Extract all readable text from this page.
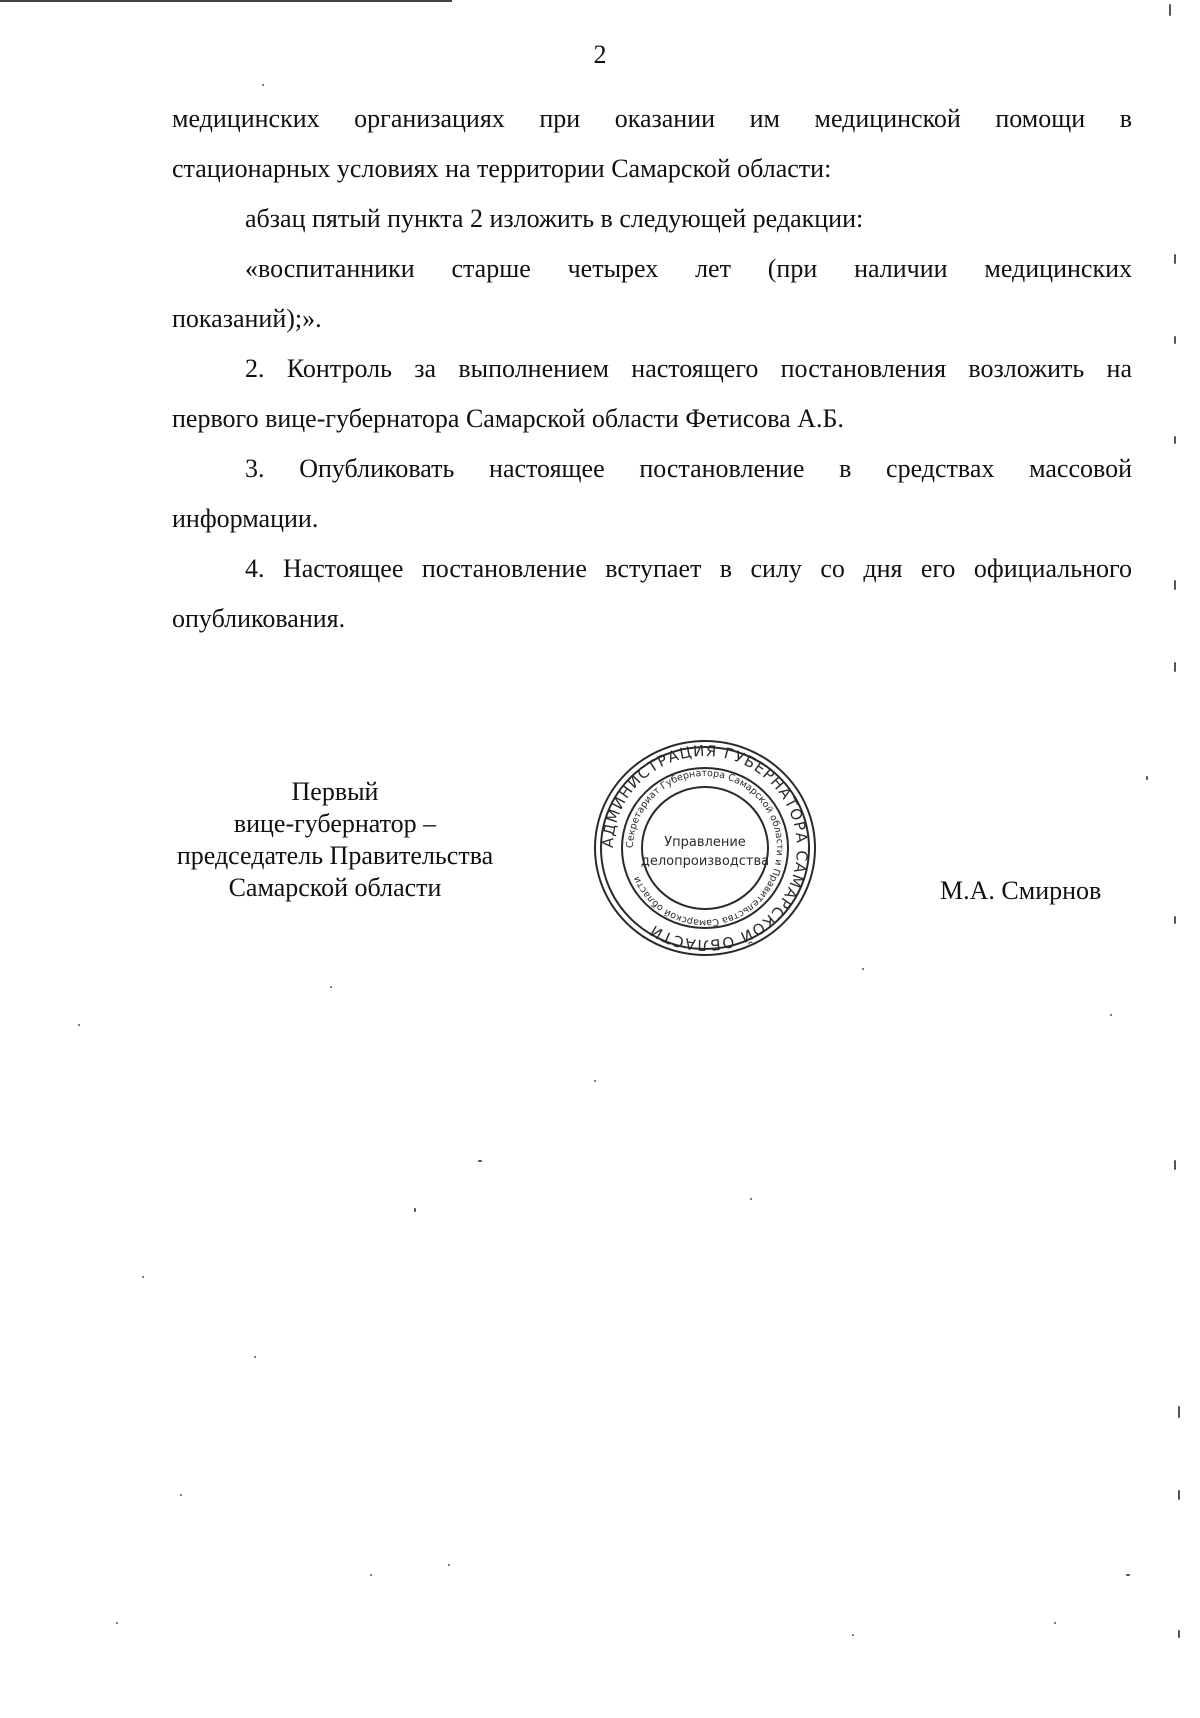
2
медицинских организациях при оказании им медицинской помощи в
стационарных условиях на территории Самарской области:
абзац пятый пункта 2 изложить в следующей редакции:
«воспитанники старше четырех лет (при наличии медицинских
показаний);».
2. Контроль за выполнением настоящего постановления возложить на
первого вице-губернатора Самарской области Фетисова А.Б.
3. Опубликовать настоящее постановление в средствах массовой
информации.
4. Настоящее постановление вступает в силу со дня его официального
опубликования.
Первый
вице-губернатор –
председатель Правительства
Самарской области
АДМИНИСТРАЦИЯ ГУБЕРНАТОРА САМАРСКОЙ ОБЛАСТИ
Секретариат Губернатора Самарской области и Правительства Самарской области
Управление
делопроизводства
М.А. Смирнов
